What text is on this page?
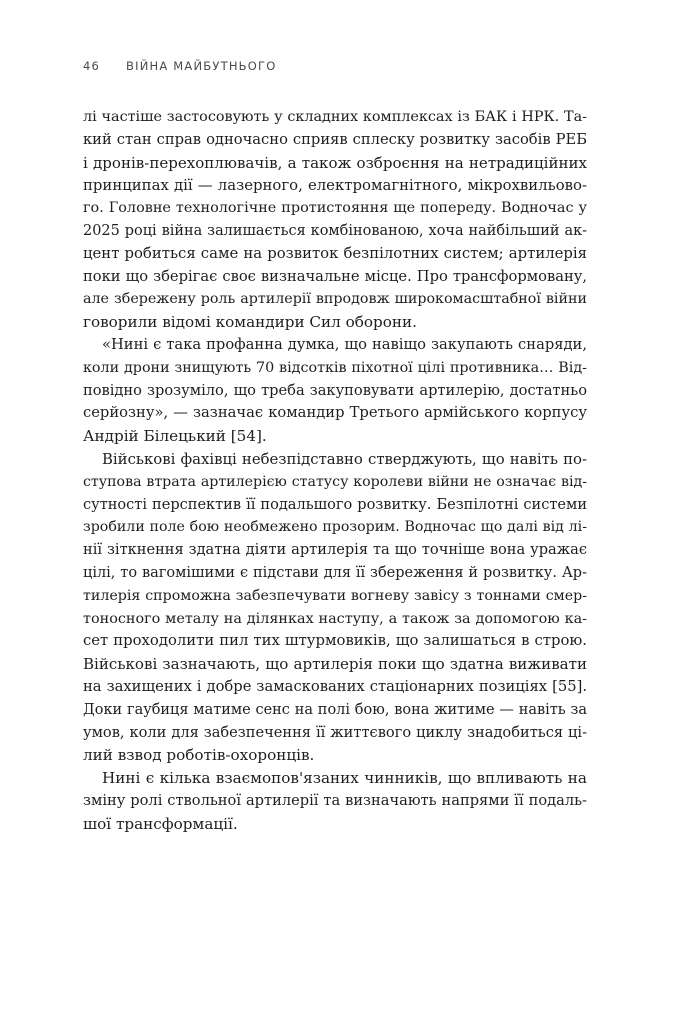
46 ВІЙНА МАЙБУТНЬОГО
лі частіше застосовують у складних комплексах із БАК і НРК. Та-
кий стан справ одночасно сприяв сплеску розвитку засобів РЕБ
і дронів-перехоплювачів, а також озброєння на нетрадиційних
принципах дії — лазерного, електромагнітного, мікрохвильово-
го. Головне технологічне протистояння ще попереду. Водночас у
2025 році війна залишається комбінованою, хоча найбільший ак-
цент робиться саме на розвиток безпілотних систем; артилерія
поки що зберігає своє визначальне місце. Про трансформовану,
але збережену роль артилерії впродовж широкомасштабної війни
говорили відомі командири Сил оборони.
«Нині є така профанна думка, що навіщо закупають снаряди,
коли дрони знищують 70 відсотків піхотної цілі противника… Від-
повідно зрозуміло, що треба закуповувати артилерію, достатньо
серйозну», — зазначає командир Третього армійського корпусу
Андрій Білецький [54].
Військові фахівці небезпідставно стверджують, що навіть по-
ступова втрата артилерією статусу королеви війни не означає від-
сутності перспектив її подальшого розвитку. Безпілотні системи
зробили поле бою необмежено прозорим. Водночас що далі від лі-
нії зіткнення здатна діяти артилерія та що точніше вона уражає
цілі, то вагомішими є підстави для її збереження й розвитку. Ар-
тилерія спроможна забезпечувати вогневу завісу з тоннами смер-
тоносного металу на ділянках наступу, а також за допомогою ка-
сет проходолити пил тих штурмовиків, що залишаться в строю.
Військові зазначають, що артилерія поки що здатна виживати
на захищених і добре замаскованих стаціонарних позиціях [55].
Доки гаубиця матиме сенс на полі бою, вона житиме — навіть за
умов, коли для забезпечення її життєвого циклу знадобиться ці-
лий взвод роботів-охоронців.
Нині є кілька взаємопов'язаних чинників, що впливають на
зміну ролі ствольної артилерії та визначають напрями її подаль-
шої трансформації.
